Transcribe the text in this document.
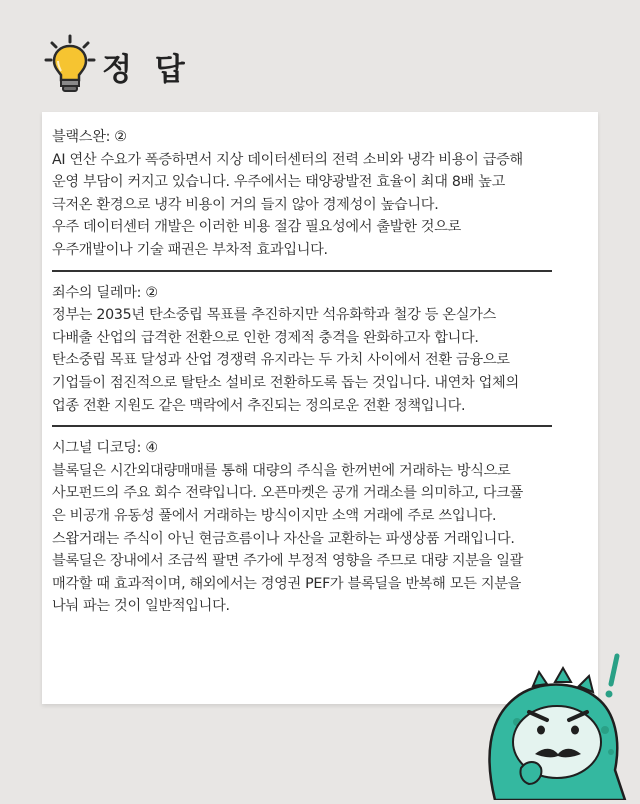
정 답

블랙스완: ②

AI 연산 수요가 폭증하면서 지상 데이터센터의 전력 소비와 냉각 비용이 급증해

운영 부담이 커지고 있습니다. 우주에서는 태양광발전 효율이 최대 8배 높고

극저온 환경으로 냉각 비용이 거의 들지 않아 경제성이 높습니다.

우주 데이터센터 개발은 이러한 비용 절감 필요성에서 출발한 것으로

우주개발이나 기술 패권은 부차적 효과입니다.

죄수의 딜레마: ②

정부는 2035년 탄소중립 목표를 추진하지만 석유화학과 철강 등 온실가스

다배출 산업의 급격한 전환으로 인한 경제적 충격을 완화하고자 합니다.

탄소중립 목표 달성과 산업 경쟁력 유지라는 두 가치 사이에서 전환 금융으로

기업들이 점진적으로 탈탄소 설비로 전환하도록 돕는 것입니다. 내연차 업체의

업종 전환 지원도 같은 맥락에서 추진되는 정의로운 전환 정책입니다.

시그널 디코딩: ④

블록딜은 시간외대량매매를 통해 대량의 주식을 한꺼번에 거래하는 방식으로

사모펀드의 주요 회수 전략입니다. 오픈마켓은 공개 거래소를 의미하고, 다크풀

은 비공개 유동성 풀에서 거래하는 방식이지만 소액 거래에 주로 쓰입니다.

스왑거래는 주식이 아닌 현금흐름이나 자산을 교환하는 파생상품 거래입니다.

블록딜은 장내에서 조금씩 팔면 주가에 부정적 영향을 주므로 대량 지분을 일괄

매각할 때 효과적이며, 해외에서는 경영권 PEF가 블록딜을 반복해 모든 지분을

나눠 파는 것이 일반적입니다.
